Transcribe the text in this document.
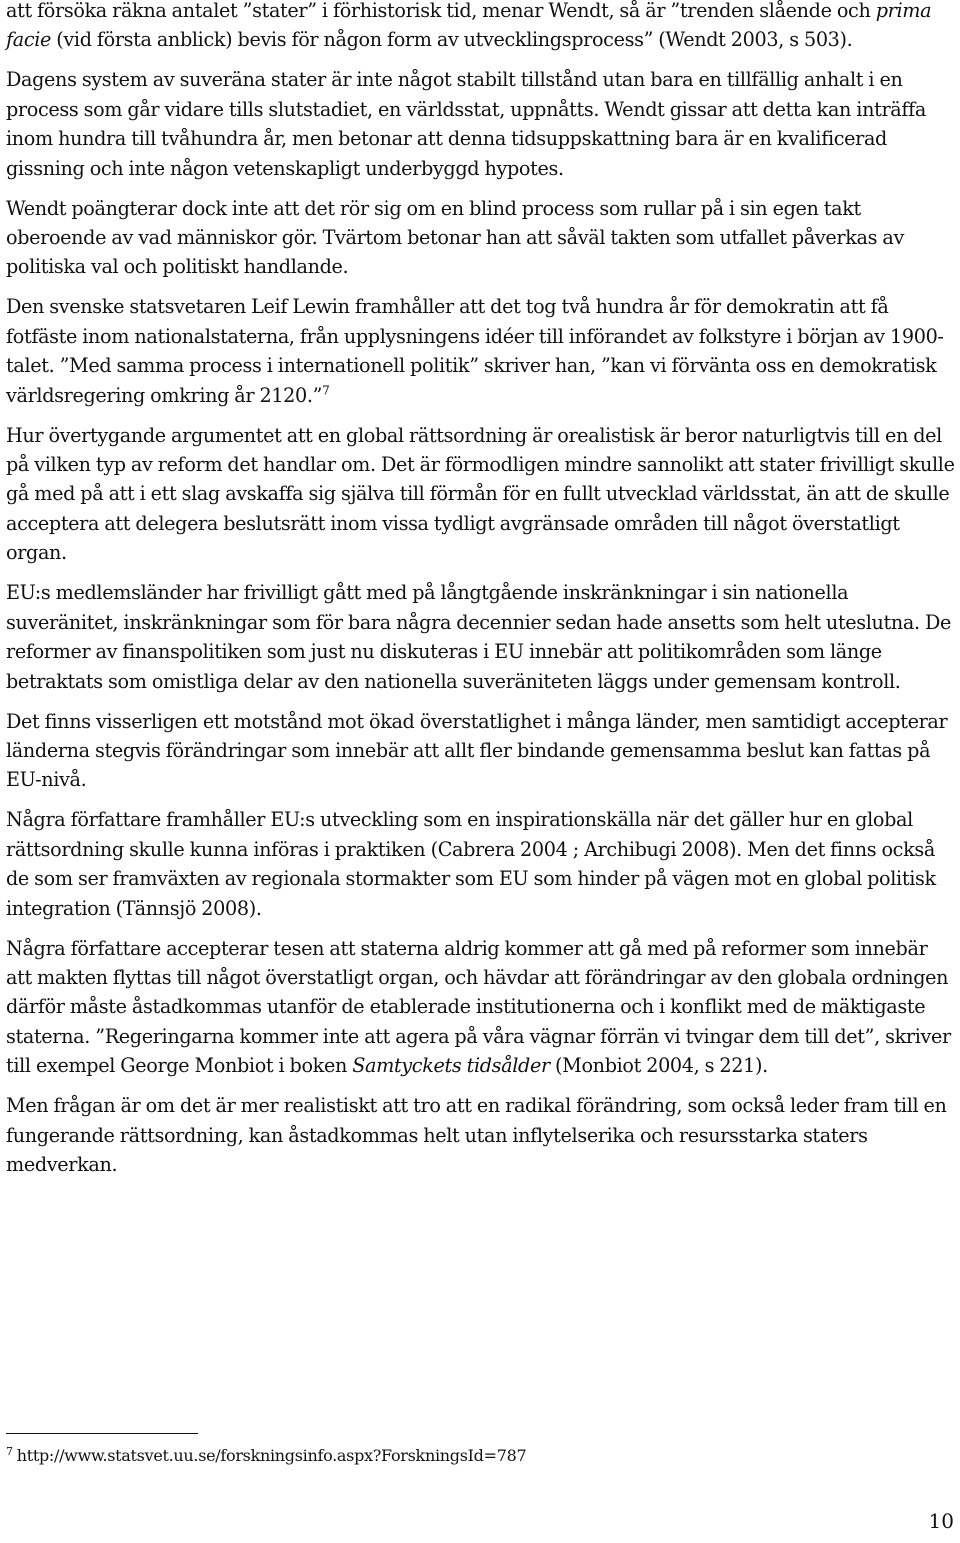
att försöka räkna antalet ”stater” i förhistorisk tid, menar Wendt, så är ”trenden slående och prima facie (vid första anblick) bevis för någon form av utvecklingsprocess” (Wendt 2003, s 503).

Dagens system av suveräna stater är inte något stabilt tillstånd utan bara en tillfällig anhalt i en process som går vidare tills slutstadiet, en världsstat, uppnåtts. Wendt gissar att detta kan inträffa inom hundra till tvåhundra år, men betonar att denna tidsuppskattning bara är en kvalificerad gissning och inte någon vetenskapligt underbyggd hypotes.

Wendt poängterar dock inte att det rör sig om en blind process som rullar på i sin egen takt oberoende av vad människor gör. Tvärtom betonar han att såväl takten som utfallet påverkas av politiska val och politiskt handlande.

Den svenske statsvetaren Leif Lewin framhåller att det tog två hundra år för demokratin att få fotfäste inom nationalstaterna, från upplysningens idéer till införandet av folkstyre i början av 1900-talet. ”Med samma process i internationell politik” skriver han, ”kan vi förvänta oss en demokratisk världsregering omkring år 2120.”$^7$

Hur övertygande argumentet att en global rättsordning är orealistisk är beror naturligtvis till en del på vilken typ av reform det handlar om. Det är förmodligen mindre sannolikt att stater frivilligt skulle gå med på att i ett slag avskaffa sig själva till förmån för en fullt utvecklad världsstat, än att de skulle acceptera att delegera beslutsrätt inom vissa tydligt avgränsade områden till något överstatligt organ.

EU:s medlemsländer har frivilligt gått med på långtgående inskränkningar i sin nationella suveränitet, inskränkningar som för bara några decennier sedan hade ansetts som helt uteslutna. De reformer av finanspolitiken som just nu diskuteras i EU innebär att politikområden som länge betraktats som omistliga delar av den nationella suveräniteten läggs under gemensam kontroll.

Det finns visserligen ett motstånd mot ökad överstatlighet i många länder, men samtidigt accepterar länderna stegvis förändringar som innebär att allt fler bindande gemensamma beslut kan fattas på EU-nivå.

Några författare framhåller EU:s utveckling som en inspirationskälla när det gäller hur en global rättsordning skulle kunna införas i praktiken (Cabrera 2004 ; Archibugi 2008). Men det finns också de som ser framväxten av regionala stormakter som EU som hinder på vägen mot en global politisk integration (Tännsjö 2008).

Några författare accepterar tesen att staterna aldrig kommer att gå med på reformer som innebär att makten flyttas till något överstatligt organ, och hävdar att förändringar av den globala ordningen därför måste åstadkommas utanför de etablerade institutionerna och i konflikt med de mäktigaste staterna. ”Regeringarna kommer inte att agera på våra vägnar förrän vi tvingar dem till det”, skriver till exempel George Monbiot i boken Samtyckets tidsålder (Monbiot 2004, s 221).

Men frågan är om det är mer realistiskt att tro att en radikal förändring, som också leder fram till en fungerande rättsordning, kan åstadkommas helt utan inflytelserika och resursstarka staters medverkan.

$^7$ http://www.statsvet.uu.se/forskningsinfo.aspx?ForskningsId=787
10
